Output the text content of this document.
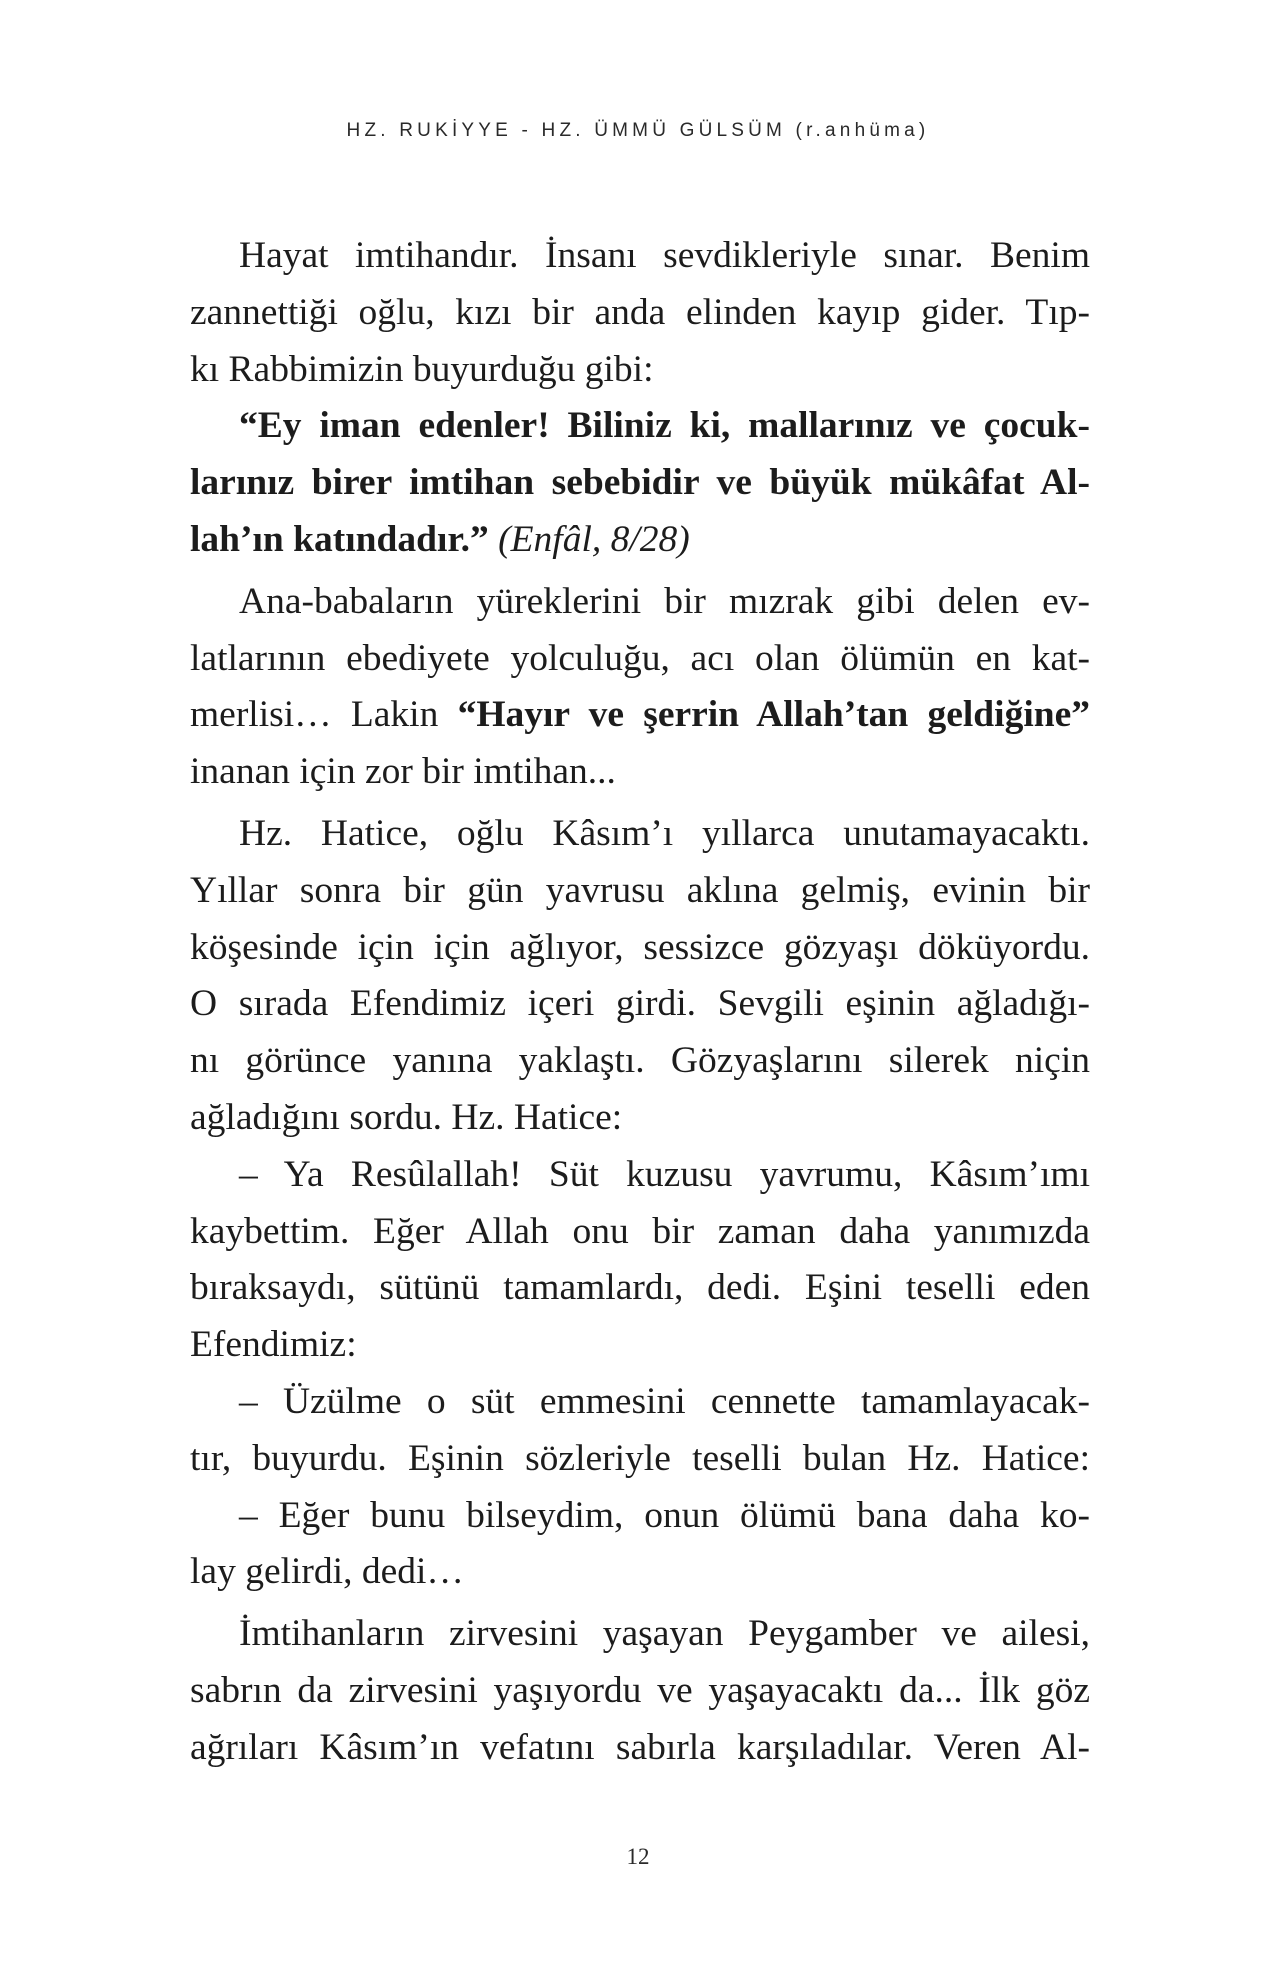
HZ. RUKİYYE - HZ. ÜMMÜ GÜLSÜM (r.anhüma)
Hayat imtihandır. İnsanı sevdikleriyle sınar. Benim
zannettiği oğlu, kızı bir anda elinden kayıp gider. Tıp-
kı Rabbimizin buyurduğu gibi:
“Ey iman edenler! Biliniz ki, mallarınız ve çocuk-
larınız birer imtihan sebebidir ve büyük mükâfat Al-
lah’ın katındadır.” (Enfâl, 8/28)
Ana-babaların yüreklerini bir mızrak gibi delen ev-
latlarının ebediyete yolculuğu, acı olan ölümün en kat-
merlisi… Lakin “Hayır ve şerrin Allah’tan geldiğine”
inanan için zor bir imtihan...
Hz. Hatice, oğlu Kâsım’ı yıllarca unutamayacaktı.
Yıllar sonra bir gün yavrusu aklına gelmiş, evinin bir
köşesinde için için ağlıyor, sessizce gözyaşı döküyordu.
O sırada Efendimiz içeri girdi. Sevgili eşinin ağladığı-
nı görünce yanına yaklaştı. Gözyaşlarını silerek niçin
ağladığını sordu. Hz. Hatice:
– Ya Resûlallah! Süt kuzusu yavrumu, Kâsım’ımı
kaybettim. Eğer Allah onu bir zaman daha yanımızda
bıraksaydı, sütünü tamamlardı, dedi. Eşini teselli eden
Efendimiz:
– Üzülme o süt emmesini cennette tamamlayacak-
tır, buyurdu. Eşinin sözleriyle teselli bulan Hz. Hatice:
– Eğer bunu bilseydim, onun ölümü bana daha ko-
lay gelirdi, dedi…
İmtihanların zirvesini yaşayan Peygamber ve ailesi,
sabrın da zirvesini yaşıyordu ve yaşayacaktı da... İlk göz
ağrıları Kâsım’ın vefatını sabırla karşıladılar. Veren Al-
12
